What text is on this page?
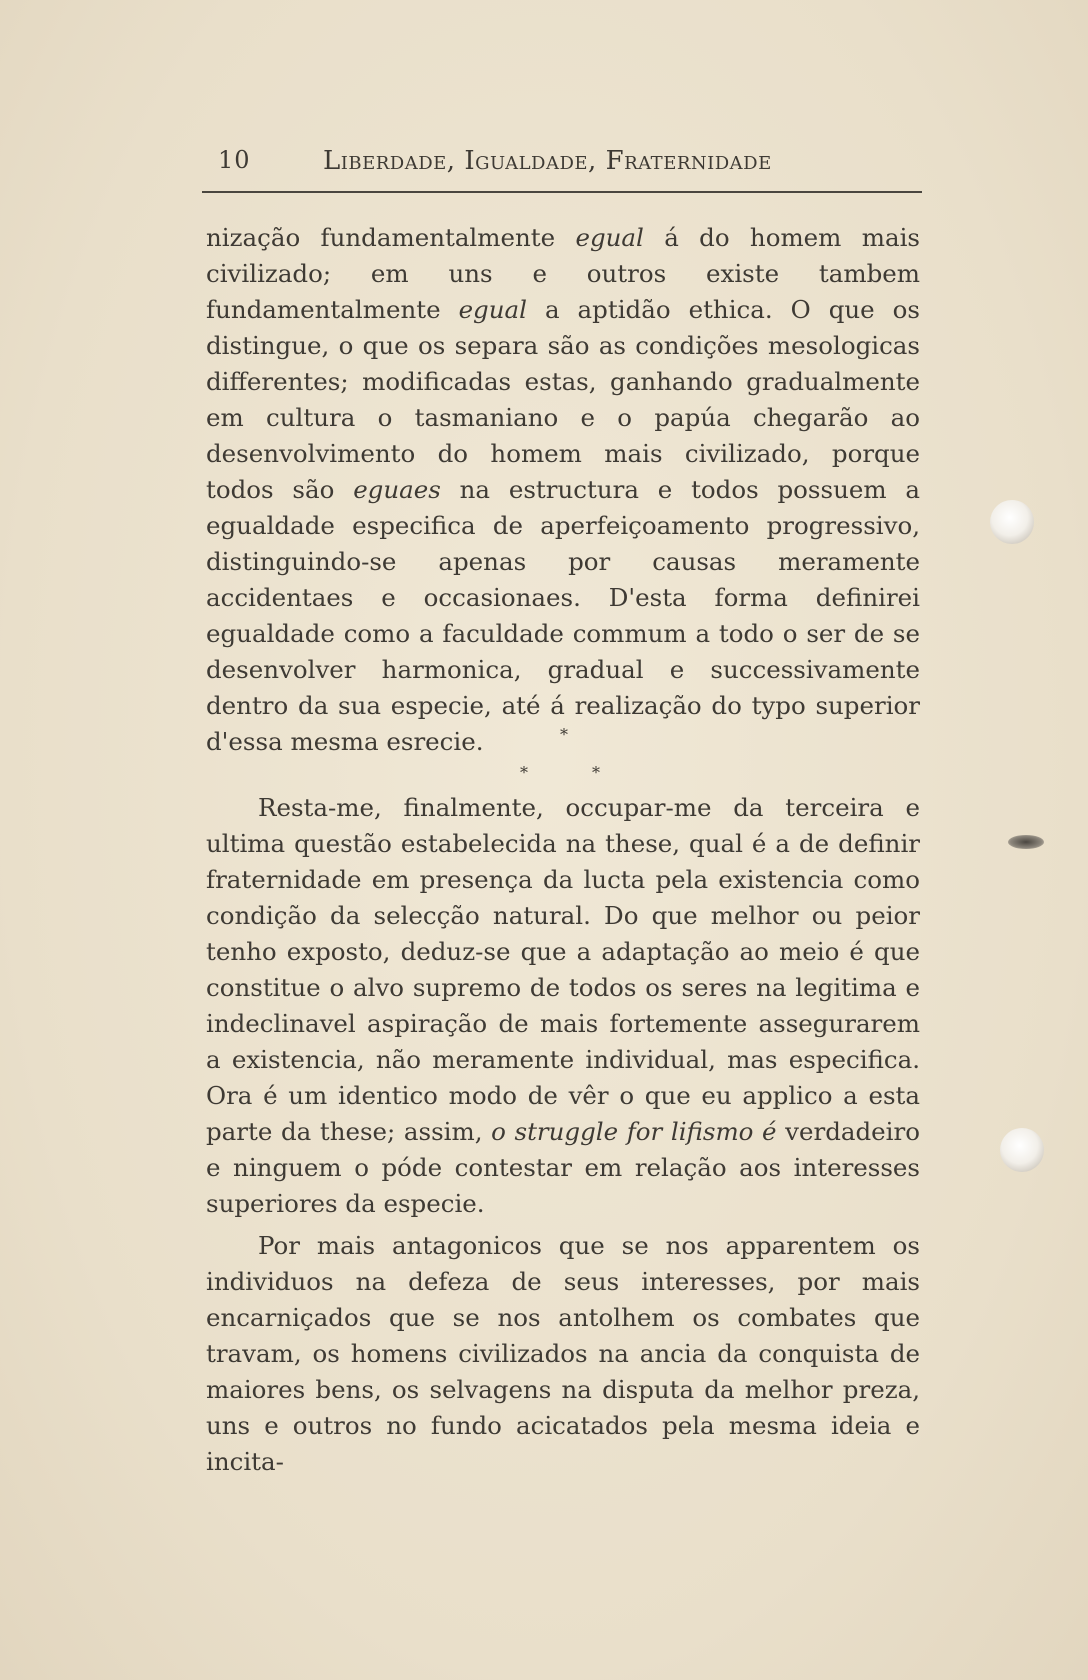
10	Liberdade, Igualdade, Fraternidade

nização fundamentalmente egual á do homem mais civilizado; em uns e outros existe tambem fundamentalmente egual a aptidão ethica. O que os distingue, o que os separa são as condições mesologicas differentes; modificadas estas, ganhando gradualmente em cultura o tasmaniano e o papúa chegarão ao desenvolvimento do homem mais civilizado, porque todos são eguaes na estructura e todos possuem a egualdade especifica de aperfeiçoamento progressivo, distinguindo-se apenas por causas meramente accidentaes e occasionaes. D'esta forma definirei egualdade como a faculdade commum a todo o ser de se desenvolver harmonica, gradual e successivamente dentro da sua especie, até á realização do typo superior d'essa mesma esrecie.	*
*	*

Resta-me, finalmente, occupar-me da terceira e ultima questão estabelecida na these, qual é a de definir fraternidade em presença da lucta pela existencia como condição da selecção natural. Do que melhor ou peior tenho exposto, deduz-se que a adaptação ao meio é que constitue o alvo supremo de todos os seres na legitima e indeclinavel aspiração de mais fortemente assegurarem a existencia, não meramente individual, mas especifica. Ora é um identico modo de vêr o que eu applico a esta parte da these; assim, o struggle for lifismo é verdadeiro e ninguem o póde contestar em relação aos interesses superiores da especie.

Por mais antagonicos que se nos apparentem os individuos na defeza de seus interesses, por mais encarniçados que se nos antolhem os combates que travam, os homens civilizados na ancia da conquista de maiores bens, os selvagens na disputa da melhor preza, uns e outros no fundo acicatados pela mesma ideia e incita-
